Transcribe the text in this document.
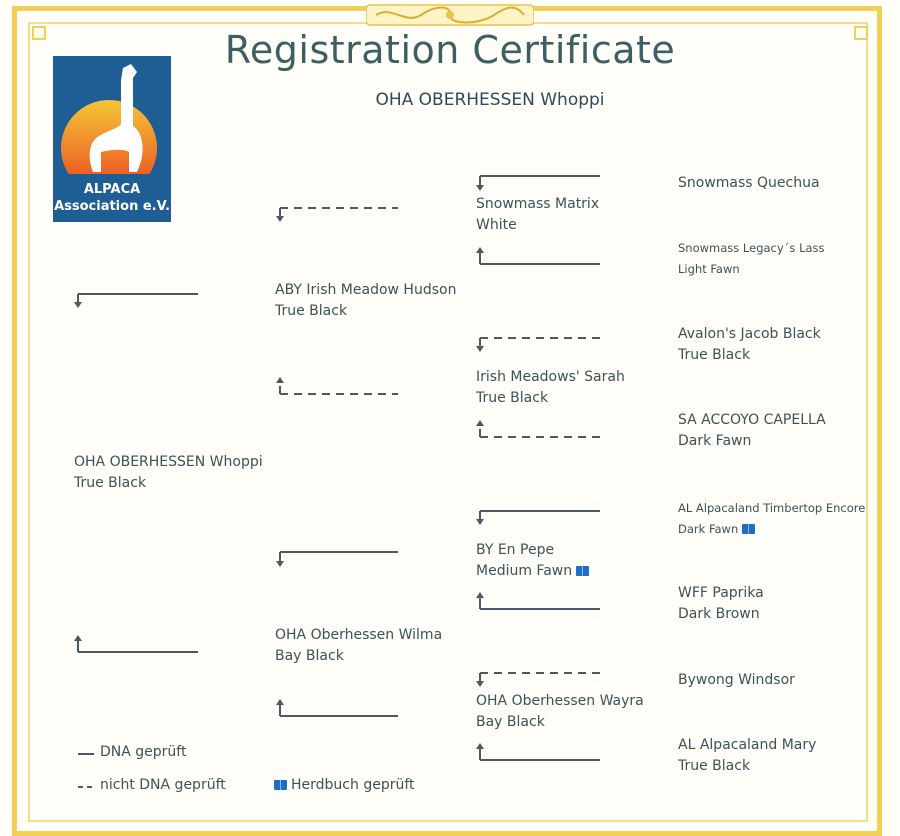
Registration Certificate
OHA OBERHESSEN Whoppi
ALPACA
Association e.V.
OHA OBERHESSEN Whoppi
True Black
ABY Irish Meadow Hudson
True Black
OHA Oberhessen Wilma
Bay Black
Snowmass Matrix
White
Irish Meadows' Sarah
True Black
BY En Pepe
Medium Fawn
OHA Oberhessen Wayra
Bay Black
Snowmass Quechua
Snowmass Legacy´s Lass
Light Fawn
Avalon's Jacob Black
True Black
SA ACCOYO CAPELLA
Dark Fawn
AL Alpacaland Timbertop Encore
Dark Fawn
WFF Paprika
Dark Brown
Bywong Windsor
AL Alpacaland Mary
True Black
DNA geprüft
nicht DNA geprüft	Herdbuch geprüft
